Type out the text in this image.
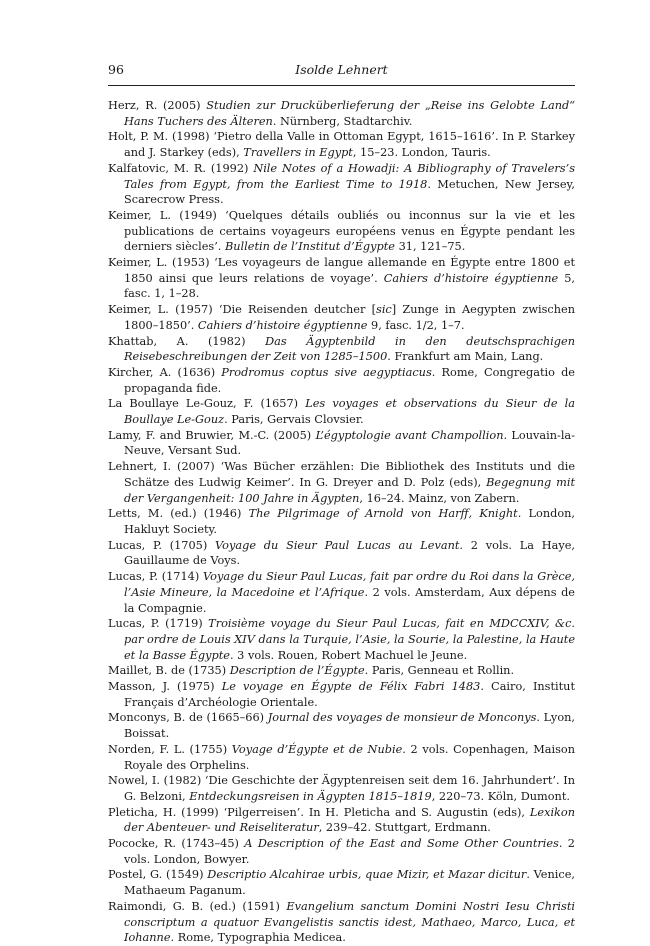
96	Isolde Lehnert

Herz, R. (2005) Studien zur Drucküberlieferung der „Reise ins Gelobte Land“ Hans Tuchers des Älteren. Nürnberg, Stadtarchiv.

Holt, P. M. (1998) ‘Pietro della Valle in Ottoman Egypt, 1615–1616’. In P. Starkey and J. Starkey (eds), Travellers in Egypt, 15–23. London, Tauris.

Kalfatovic, M. R. (1992) Nile Notes of a Howadji: A Bibliography of Travelers’s Tales from Egypt, from the Earliest Time to 1918. Metuchen, New Jersey, Scarecrow Press.

Keimer, L. (1949) ‘Quelques détails oubliés ou inconnus sur la vie et les publications de certains voyageurs européens venus en Égypte pendant les derniers siècles’. Bulletin de l’Institut d’Égypte 31, 121–75.

Keimer, L. (1953) ‘Les voyageurs de langue allemande en Égypte entre 1800 et 1850 ainsi que leurs relations de voyage’. Cahiers d’histoire égyptienne 5, fasc. 1, 1–28.

Keimer, L. (1957) ‘Die Reisenden deutcher [sic] Zunge in Aegypten zwischen 1800–1850’. Cahiers d’histoire égyptienne 9, fasc. 1/2, 1–7.

Khattab, A. (1982) Das Ägyptenbild in den deutschsprachigen Reisebeschreibungen der Zeit von 1285–1500. Frankfurt am Main, Lang.

Kircher, A. (1636) Prodromus coptus sive aegyptiacus. Rome, Congregatio de propaganda fide.

La Boullaye Le-Gouz, F. (1657) Les voyages et observations du Sieur de la Boullaye Le-Gouz. Paris, Gervais Clovsier.

Lamy, F. and Bruwier, M.-C. (2005) L’égyptologie avant Champollion. Louvain-la-Neuve, Versant Sud.

Lehnert, I. (2007) ‘Was Bücher erzählen: Die Bibliothek des Instituts und die Schätze des Ludwig Keimer’. In G. Dreyer and D. Polz (eds), Begegnung mit der Vergangenheit: 100 Jahre in Ägypten, 16–24. Mainz, von Zabern.

Letts, M. (ed.) (1946) The Pilgrimage of Arnold von Harff, Knight. London, Hakluyt Society.

Lucas, P. (1705) Voyage du Sieur Paul Lucas au Levant. 2 vols. La Haye, Gauillaume de Voys.

Lucas, P. (1714) Voyage du Sieur Paul Lucas, fait par ordre du Roi dans la Grèce, l’Asie Mineure, la Macedoine et l’Afrique. 2 vols. Amsterdam, Aux dépens de la Compagnie.

Lucas, P. (1719) Troisième voyage du Sieur Paul Lucas, fait en MDCCXIV, &c. par ordre de Louis XIV dans la Turquie, l’Asie, la Sourie, la Palestine, la Haute et la Basse Égypte. 3 vols. Rouen, Robert Machuel le Jeune.

Maillet, B. de (1735) Description de l’Égypte. Paris, Genneau et Rollin.

Masson, J. (1975) Le voyage en Égypte de Félix Fabri 1483. Cairo, Institut Français d’Archéologie Orientale.

Monconys, B. de (1665–66) Journal des voyages de monsieur de Monconys. Lyon, Boissat.

Norden, F. L. (1755) Voyage d’Égypte et de Nubie. 2 vols. Copenhagen, Maison Royale des Orphelins.

Nowel, I. (1982) ‘Die Geschichte der Ägyptenreisen seit dem 16. Jahrhundert’. In G. Belzoni, Entdeckungsreisen in Ägypten 1815–1819, 220–73. Köln, Dumont.

Pleticha, H. (1999) ‘Pilgerreisen’. In H. Pleticha and S. Augustin (eds), Lexikon der Abenteuer- und Reiseliteratur, 239–42. Stuttgart, Erdmann.

Pococke, R. (1743–45) A Description of the East and Some Other Countries. 2 vols. London, Bowyer.

Postel, G. (1549) Descriptio Alcahirae urbis, quae Mizir, et Mazar dicitur. Venice, Mathaeum Paganum.

Raimondi, G. B. (ed.) (1591) Evangelium sanctum Domini Nostri Iesu Christi conscriptum a quatuor Evangelistis sanctis idest, Mathaeo, Marco, Luca, et Iohanne. Rome, Typographia Medicea.
